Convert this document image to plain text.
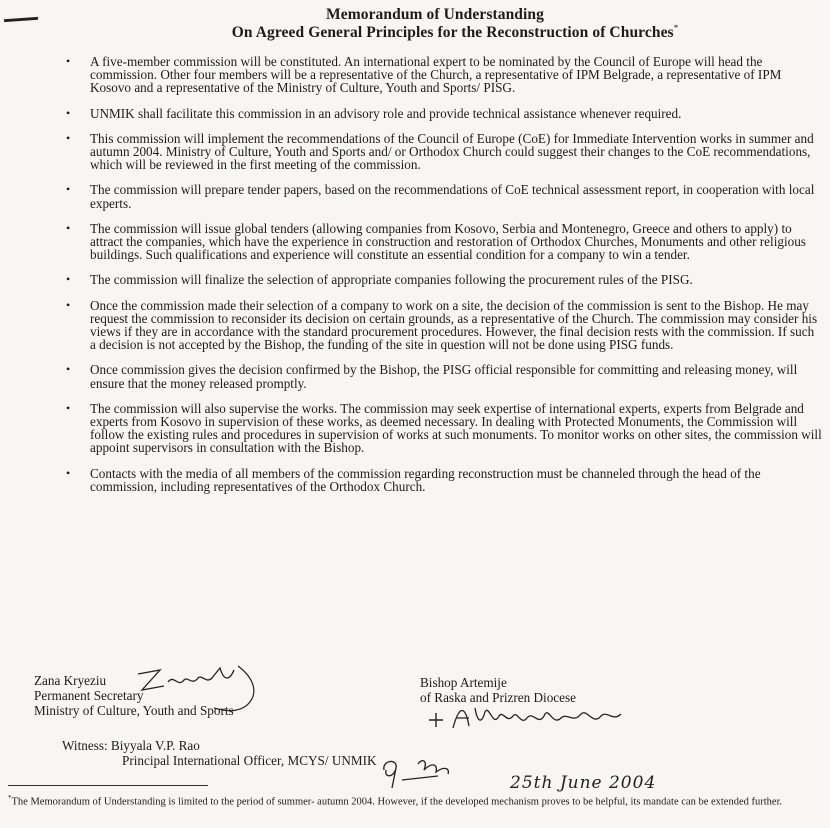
Memorandum of Understanding
On Agreed General Principles for the Reconstruction of Churches*
• A five-member commission will be constituted. An international expert to be nominated by the Council of Europe will head the commission. Other four members will be a representative of the Church, a representative of IPM Belgrade, a representative of IPM Kosovo and a representative of the Ministry of Culture, Youth and Sports/ PISG.
• UNMIK shall facilitate this commission in an advisory role and provide technical assistance whenever required.
• This commission will implement the recommendations of the Council of Europe (CoE) for Immediate Intervention works in summer and autumn 2004. Ministry of Culture, Youth and Sports and/ or Orthodox Church could suggest their changes to the CoE recommendations, which will be reviewed in the first meeting of the commission.
• The commission will prepare tender papers, based on the recommendations of CoE technical assessment report, in cooperation with local experts.
• The commission will issue global tenders (allowing companies from Kosovo, Serbia and Montenegro, Greece and others to apply) to attract the companies, which have the experience in construction and restoration of Orthodox Churches, Monuments and other religious buildings. Such qualifications and experience will constitute an essential condition for a company to win a tender.
• The commission will finalize the selection of appropriate companies following the procurement rules of the PISG.
• Once the commission made their selection of a company to work on a site, the decision of the commission is sent to the Bishop. He may request the commission to reconsider its decision on certain grounds, as a representative of the Church. The commission may consider his views if they are in accordance with the standard procurement procedures. However, the final decision rests with the commission. If such a decision is not accepted by the Bishop, the funding of the site in question will not be done using PISG funds.
• Once commission gives the decision confirmed by the Bishop, the PISG official responsible for committing and releasing money, will ensure that the money released promptly.
• The commission will also supervise the works. The commission may seek expertise of international experts, experts from Belgrade and experts from Kosovo in supervision of these works, as deemed necessary. In dealing with Protected Monuments, the Commission will follow the existing rules and procedures in supervision of works at such monuments. To monitor works on other sites, the commission will appoint supervisors in consultation with the Bishop.
• Contacts with the media of all members of the commission regarding reconstruction must be channeled through the head of the commission, including representatives of the Orthodox Church.
Zana Kryeziu
Permanent Secretary
Ministry of Culture, Youth and Sports
Bishop Artemije
of Raska and Prizren Diocese
Witness: Biyyala V.P. Rao
Principal International Officer, MCYS/ UNMIK
25th June 2004
*The Memorandum of Understanding is limited to the period of summer- autumn 2004. However, if the developed mechanism proves to be helpful, its mandate can be extended further.
